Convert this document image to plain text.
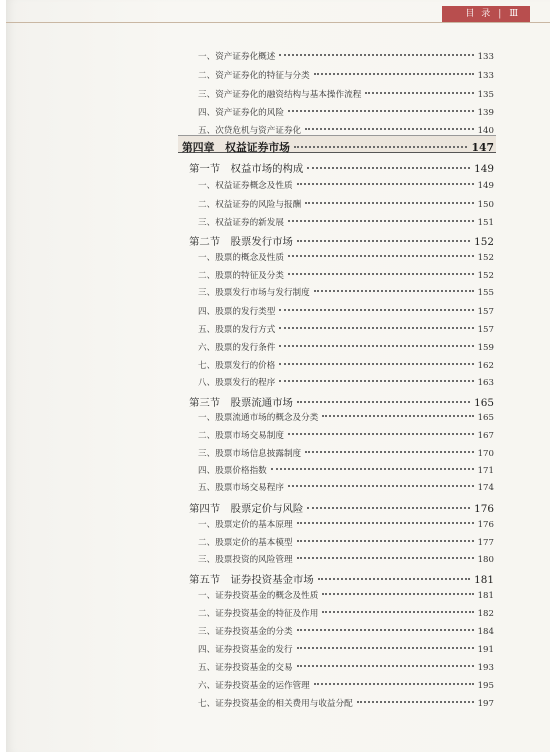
目 录 | Ⅲ
一、资产证券化概述	133
二、资产证券化的特征与分类	133
三、资产证券化的融资结构与基本操作流程	135
四、资产证券化的风险	139
五、次贷危机与资产证券化	140
第四章　权益证券市场	147
第一节　权益市场的构成	149
一、权益证券概念及性质	149
二、权益证券的风险与报酬	150
三、权益证券的新发展	151
第二节　股票发行市场	152
一、股票的概念及性质	152
二、股票的特征及分类	152
三、股票发行市场与发行制度	155
四、股票的发行类型	157
五、股票的发行方式	157
六、股票的发行条件	159
七、股票发行的价格	162
八、股票发行的程序	163
第三节　股票流通市场	165
一、股票流通市场的概念及分类	165
二、股票市场交易制度	167
三、股票市场信息披露制度	170
四、股票价格指数	171
五、股票市场交易程序	174
第四节　股票定价与风险	176
一、股票定价的基本原理	176
二、股票定价的基本模型	177
三、股票投资的风险管理	180
第五节　证券投资基金市场	181
一、证券投资基金的概念及性质	181
二、证券投资基金的特征及作用	182
三、证券投资基金的分类	184
四、证券投资基金的发行	191
五、证券投资基金的交易	193
六、证券投资基金的运作管理	195
七、证券投资基金的相关费用与收益分配	197
